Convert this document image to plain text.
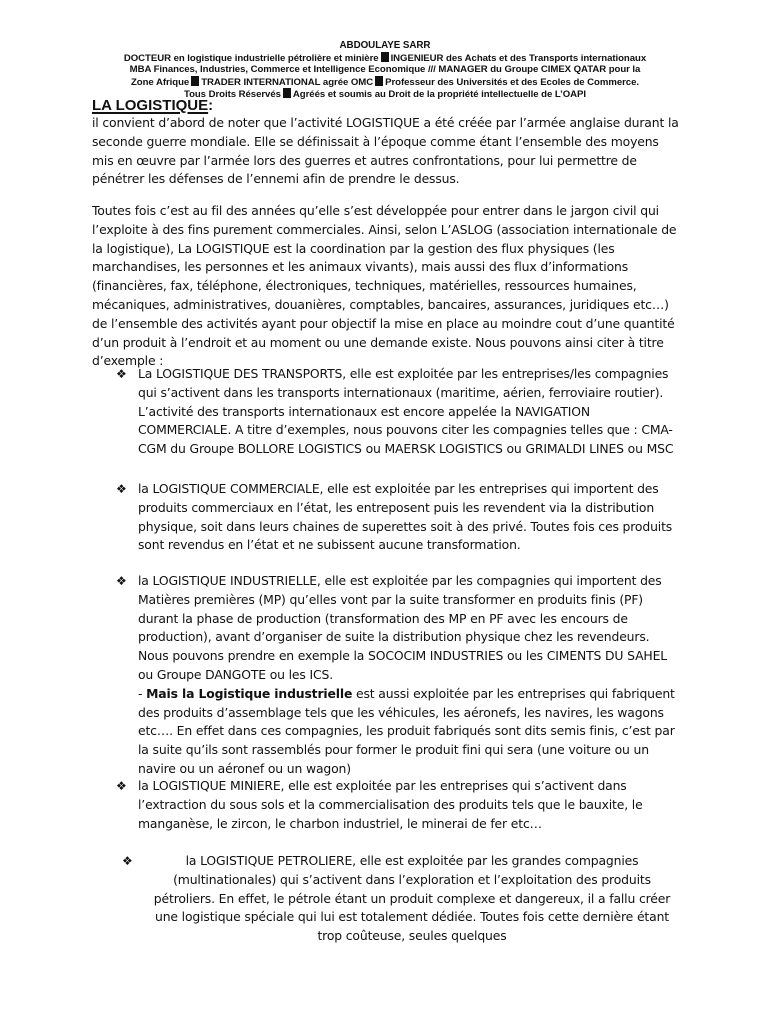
ABDOULAYE SARR
DOCTEUR en logistique industrielle pétrolière et minière INGENIEUR des Achats et des Transports internationaux
MBA Finances, Industries, Commerce et Intelligence Economique /// MANAGER du Groupe CIMEX QATAR pour la
Zone Afrique TRADER INTERNATIONAL agrée OMC Professeur des Universités et des Ecoles de Commerce.
Tous Droits Réservés Agréés et soumis au Droit de la propriété intellectuelle de L’OAPI
LA LOGISTIQUE:

il convient d’abord de noter que l’activité LOGISTIQUE a été créée par l’armée anglaise durant la seconde guerre mondiale. Elle se définissait à l’époque comme étant l’ensemble des moyens mis en œuvre par l’armée lors des guerres et autres confrontations, pour lui permettre de pénétrer les défenses de l’ennemi afin de prendre le dessus.

Toutes fois c’est au fil des années qu’elle s’est développée pour entrer dans le jargon civil qui l’exploite à des fins purement commerciales. Ainsi, selon L’ASLOG (association internationale de la logistique), La LOGISTIQUE est la coordination par la gestion des flux physiques (les marchandises, les personnes et les animaux vivants), mais aussi des flux d’informations (financières, fax, téléphone, électroniques, techniques, matérielles, ressources humaines, mécaniques, administratives, douanières, comptables, bancaires, assurances, juridiques etc…) de l’ensemble des activités ayant pour objectif la mise en place au moindre cout d’une quantité d’un produit à l’endroit et au moment ou une demande existe. Nous pouvons ainsi citer à titre d’exemple :

❖ La LOGISTIQUE DES TRANSPORTS, elle est exploitée par les entreprises/les compagnies qui s’activent dans les transports internationaux (maritime, aérien, ferroviaire routier). L’activité des transports internationaux est encore appelée la NAVIGATION COMMERCIALE. A titre d’exemples, nous pouvons citer les compagnies telles que : CMA-CGM du Groupe BOLLORE LOGISTICS ou MAERSK LOGISTICS ou GRIMALDI LINES ou MSC

❖ la LOGISTIQUE COMMERCIALE, elle est exploitée par les entreprises qui importent des produits commerciaux en l’état, les entreposent puis les revendent via la distribution physique, soit dans leurs chaines de superettes soit à des privé. Toutes fois ces produits sont revendus en l’état et ne subissent aucune transformation.

❖ la LOGISTIQUE INDUSTRIELLE, elle est exploitée par les compagnies qui importent des Matières premières (MP) qu’elles vont par la suite transformer en produits finis (PF) durant la phase de production (transformation des MP en PF avec les encours de production), avant d’organiser de suite la distribution physique chez les revendeurs. Nous pouvons prendre en exemple la SOCOCIM INDUSTRIES ou les CIMENTS DU SAHEL ou Groupe DANGOTE ou les ICS.
- Mais la Logistique industrielle est aussi exploitée par les entreprises qui fabriquent des produits d’assemblage tels que les véhicules, les aéronefs, les navires, les wagons etc…. En effet dans ces compagnies, les produit fabriqués sont dits semis finis, c’est par la suite qu’ils sont rassemblés pour former le produit fini qui sera (une voiture ou un navire ou un aéronef ou un wagon)
❖ la LOGISTIQUE MINIERE, elle est exploitée par les entreprises qui s’activent dans l’extraction du sous sols et la commercialisation des produits tels que le bauxite, le manganèse, le zircon, le charbon industriel, le minerai de fer etc…

❖	la LOGISTIQUE PETROLIERE, elle est exploitée par les grandes compagnies (multinationales) qui s’activent dans l’exploration et l’exploitation des produits pétroliers. En effet, le pétrole étant un produit complexe et dangereux, il a fallu créer une logistique spéciale qui lui est totalement dédiée. Toutes fois cette dernière étant trop coûteuse, seules quelques
